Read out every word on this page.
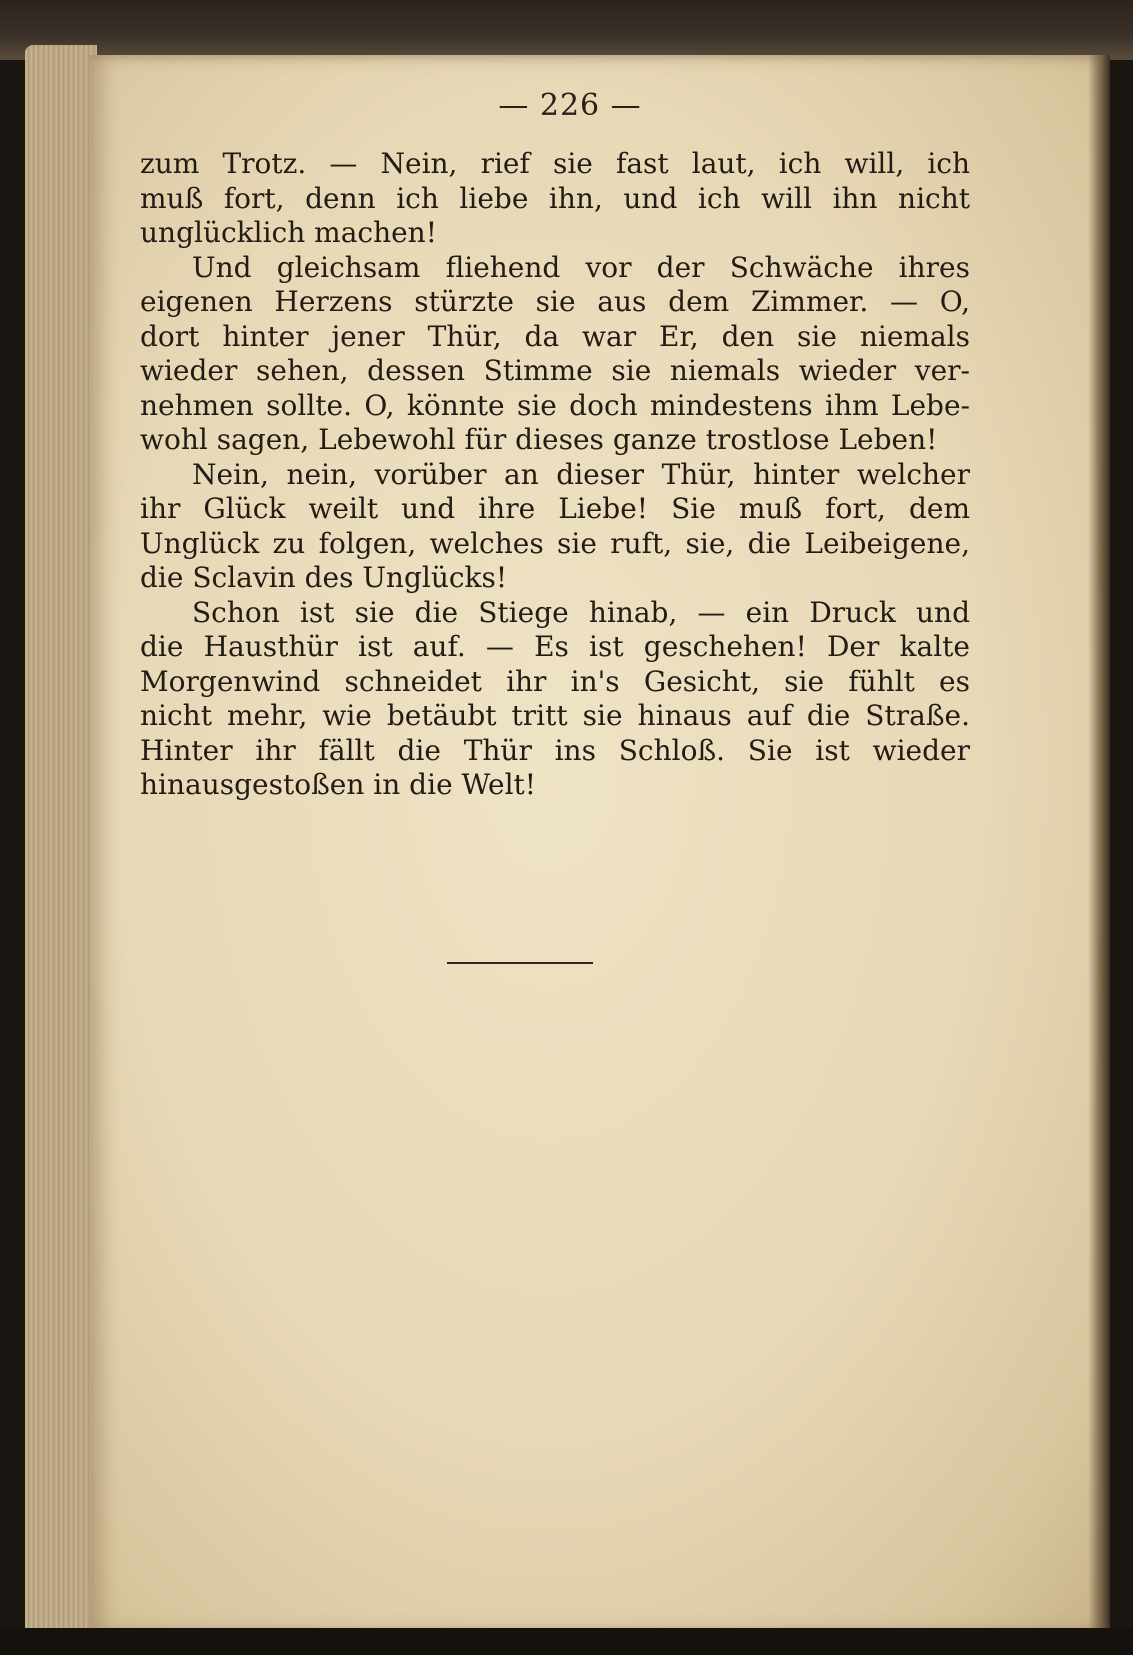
— 226 —
zum Trotz. — Nein, rief sie fast laut, ich will, ich
muß fort, denn ich liebe ihn, und ich will ihn nicht
unglücklich machen!
Und gleichsam fliehend vor der Schwäche ihres
eigenen Herzens stürzte sie aus dem Zimmer. — O,
dort hinter jener Thür, da war Er, den sie niemals
wieder sehen, dessen Stimme sie niemals wieder ver-
nehmen sollte. O, könnte sie doch mindestens ihm Lebe-
wohl sagen, Lebewohl für dieses ganze trostlose Leben!
Nein, nein, vorüber an dieser Thür, hinter welcher
ihr Glück weilt und ihre Liebe! Sie muß fort, dem
Unglück zu folgen, welches sie ruft, sie, die Leibeigene,
die Sclavin des Unglücks!
Schon ist sie die Stiege hinab, — ein Druck und
die Hausthür ist auf. — Es ist geschehen! Der kalte
Morgenwind schneidet ihr in's Gesicht, sie fühlt es
nicht mehr, wie betäubt tritt sie hinaus auf die Straße.
Hinter ihr fällt die Thür ins Schloß. Sie ist wieder
hinausgestoßen in die Welt!
